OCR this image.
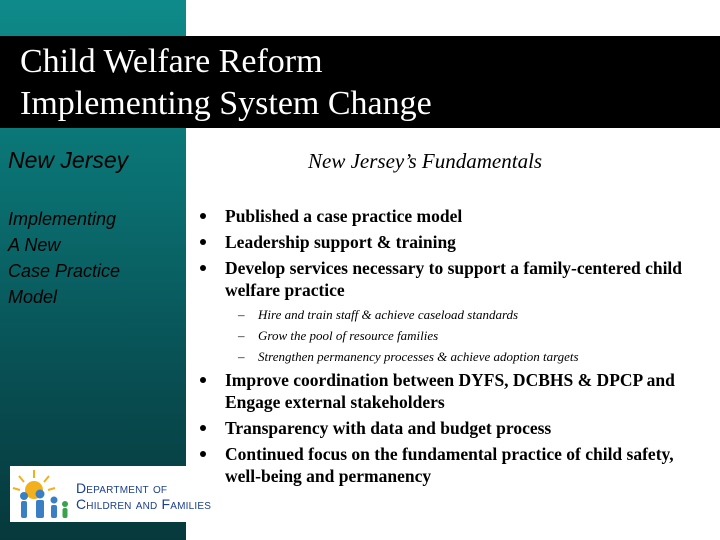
Child Welfare Reform
Implementing System Change
New Jersey
Implementing
A New
Case Practice
Model
New Jersey’s Fundamentals
Published a case practice model
Leadership support & training
Develop services necessary to support a family-centered child welfare practice
– Hire and train staff & achieve caseload standards
– Grow the pool of resource families
– Strengthen permanency processes & achieve adoption targets
Improve coordination between DYFS, DCBHS & DPCP and Engage external stakeholders
Transparency with data and budget process
Continued focus on the fundamental practice of child safety, well-being and permanency
Department of
Children and Families
